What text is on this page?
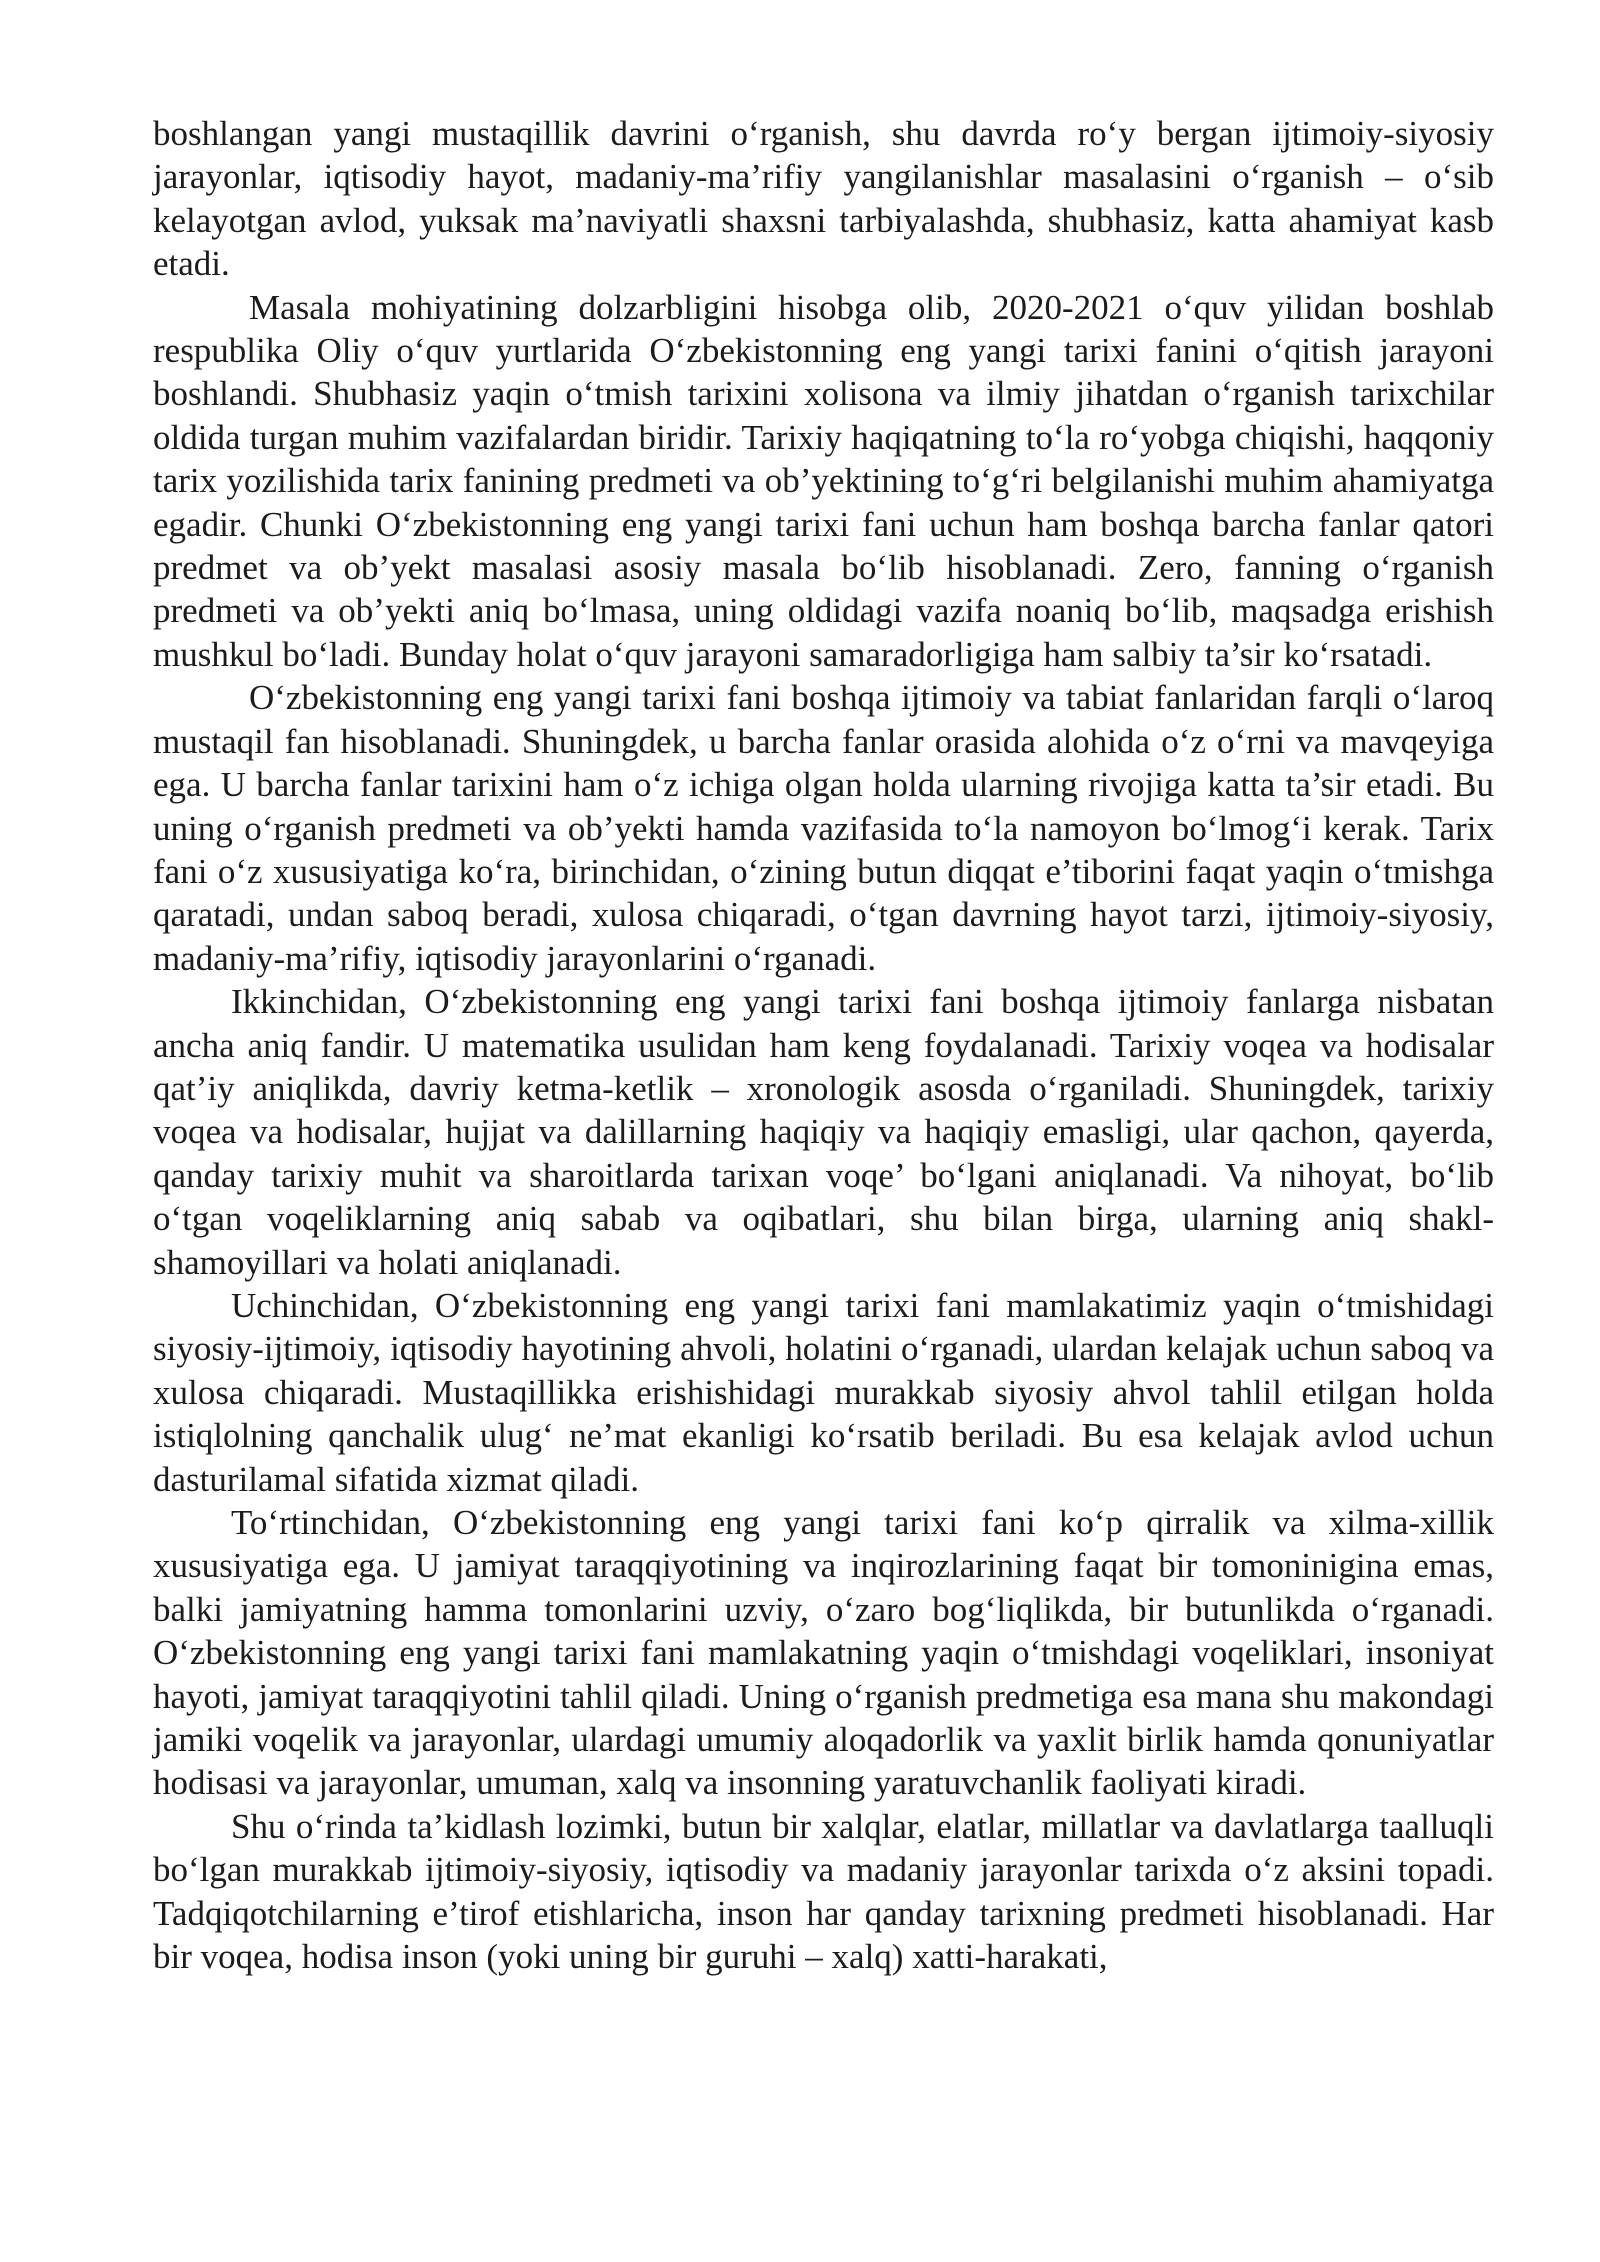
boshlangan yangi mustaqillik davrini o‘rganish, shu davrda ro‘y bergan ijtimoiy-siyosiy jarayonlar, iqtisodiy hayot, madaniy-ma’rifiy yangilanishlar masalasini o‘rganish – o‘sib kelayotgan avlod, yuksak ma’naviyatli shaxsni tarbiyalashda, shubhasiz, katta ahamiyat kasb etadi.

Masala mohiyatining dolzarbligini hisobga olib, 2020-2021 o‘quv yilidan boshlab respublika Oliy o‘quv yurtlarida O‘zbekistonning eng yangi tarixi fanini o‘qitish jarayoni boshlandi. Shubhasiz yaqin o‘tmish tarixini xolisona va ilmiy jihatdan o‘rganish tarixchilar oldida turgan muhim vazifalardan biridir. Tarixiy haqiqatning to‘la ro‘yobga chiqishi, haqqoniy tarix yozilishida tarix fanining predmeti va ob’yektining to‘g‘ri belgilanishi muhim ahamiyatga egadir. Chunki O‘zbekistonning eng yangi tarixi fani uchun ham boshqa barcha fanlar qatori predmet va ob’yekt masalasi asosiy masala bo‘lib hisoblanadi. Zero, fanning o‘rganish predmeti va ob’yekti aniq bo‘lmasa, uning oldidagi vazifa noaniq bo‘lib, maqsadga erishish mushkul bo‘ladi. Bunday holat o‘quv jarayoni samaradorligiga ham salbiy ta’sir ko‘rsatadi.

O‘zbekistonning eng yangi tarixi fani boshqa ijtimoiy va tabiat fanlaridan farqli o‘laroq mustaqil fan hisoblanadi. Shuningdek, u barcha fanlar orasida alohida o‘z o‘rni va mavqeyiga ega. U barcha fanlar tarixini ham o‘z ichiga olgan holda ularning rivojiga katta ta’sir etadi. Bu uning o‘rganish predmeti va ob’yekti hamda vazifasida to‘la namoyon bo‘lmog‘i kerak. Tarix fani o‘z xususiyatiga ko‘ra, birinchidan, o‘zining butun diqqat e’tiborini faqat yaqin o‘tmishga qaratadi, undan saboq beradi, xulosa chiqaradi, o‘tgan davrning hayot tarzi, ijtimoiy-siyosiy, madaniy-ma’rifiy, iqtisodiy jarayonlarini o‘rganadi.

Ikkinchidan, O‘zbekistonning eng yangi tarixi fani boshqa ijtimoiy fanlarga nisbatan ancha aniq fandir. U matematika usulidan ham keng foydalanadi. Tarixiy voqea va hodisalar qat’iy aniqlikda, davriy ketma-ketlik – xronologik asosda o‘rganiladi. Shuningdek, tarixiy voqea va hodisalar, hujjat va dalillarning haqiqiy va haqiqiy emasligi, ular qachon, qayerda, qanday tarixiy muhit va sharoitlarda tarixan voqe’ bo‘lgani aniqlanadi. Va nihoyat, bo‘lib o‘tgan voqeliklarning aniq sabab va oqibatlari, shu bilan birga, ularning aniq shakl-shamoyillari va holati aniqlanadi.

Uchinchidan, O‘zbekistonning eng yangi tarixi fani mamlakatimiz yaqin o‘tmishidagi siyosiy-ijtimoiy, iqtisodiy hayotining ahvoli, holatini o‘rganadi, ulardan kelajak uchun saboq va xulosa chiqaradi. Mustaqillikka erishishidagi murakkab siyosiy ahvol tahlil etilgan holda istiqlolning qanchalik ulug‘ ne’mat ekanligi ko‘rsatib beriladi. Bu esa kelajak avlod uchun dasturilamal sifatida xizmat qiladi.

To‘rtinchidan, O‘zbekistonning eng yangi tarixi fani ko‘p qirralik va xilma-xillik xususiyatiga ega. U jamiyat taraqqiyotining va inqirozlarining faqat bir tomoninigina emas, balki jamiyatning hamma tomonlarini uzviy, o‘zaro bog‘liqlikda, bir butunlikda o‘rganadi. O‘zbekistonning eng yangi tarixi fani mamlakatning yaqin o‘tmishdagi voqeliklari, insoniyat hayoti, jamiyat taraqqiyotini tahlil qiladi. Uning o‘rganish predmetiga esa mana shu makondagi jamiki voqelik va jarayonlar, ulardagi umumiy aloqadorlik va yaxlit birlik hamda qonuniyatlar hodisasi va jarayonlar, umuman, xalq va insonning yaratuvchanlik faoliyati kiradi.

Shu o‘rinda ta’kidlash lozimki, butun bir xalqlar, elatlar, millatlar va davlatlarga taalluqli bo‘lgan murakkab ijtimoiy-siyosiy, iqtisodiy va madaniy jarayonlar tarixda o‘z aksini topadi. Tadqiqotchilarning e’tirof etishlaricha, inson har qanday tarixning predmeti hisoblanadi. Har bir voqea, hodisa inson (yoki uning bir guruhi – xalq) xatti-harakati,
